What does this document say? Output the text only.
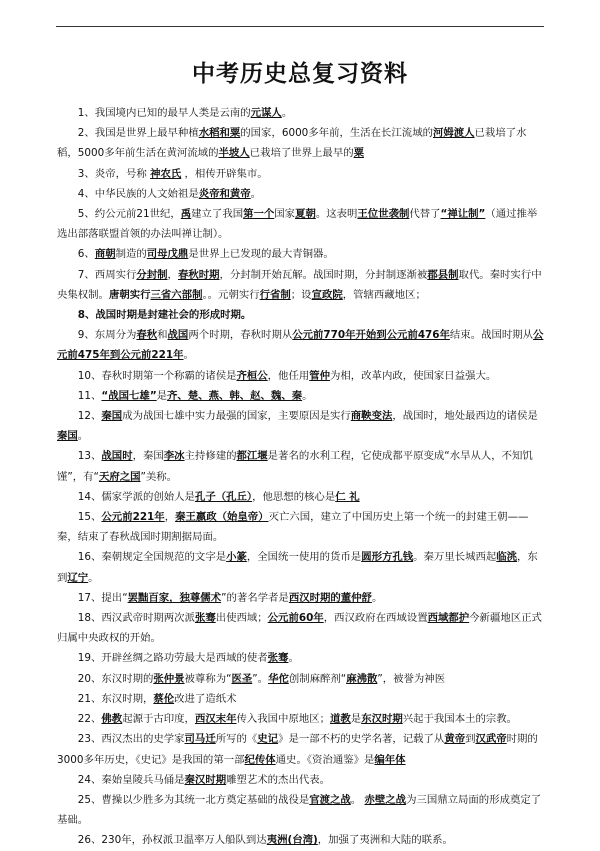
中考历史总复习资料

1、我国境内已知的最早人类是云南的元谋人。

2、我国是世界上最早种植水稻和粟的国家，6000多年前，生活在长江流域的河姆渡人已栽培了水稻，5000多年前生活在黄河流域的半坡人已栽培了世界上最早的粟

3、炎帝，号称 神农氏 ，相传开辟集市。

4、中华民族的人文始祖是炎帝和黄帝。

5、约公元前21世纪，禹建立了我国第一个国家夏朝。这表明王位世袭制代替了“禅让制”（通过推举选出部落联盟首领的办法叫禅让制）。

6、商朝制造的司母戊鼎是世界上已发现的最大青铜器。

7、西周实行分封制，春秋时期，分封制开始瓦解。战国时期，分封制逐渐被郡县制取代。秦时实行中央集权制。唐朝实行三省六部制。。元朝实行行省制；设宣政院，管辖西藏地区；

8、战国时期是封建社会的形成时期。

9、东周分为春秋和战国两个时期，春秋时期从公元前770年开始到公元前476年结束。战国时期从公元前475年到公元前221年。

10、春秋时期第一个称霸的诸侯是齐桓公，他任用管仲为相，改革内政，使国家日益强大。

11、“战国七雄”是齐、楚、燕、韩、赵、魏、秦。

12、秦国成为战国七雄中实力最强的国家，主要原因是实行商鞅变法，战国时，地处最西边的诸侯是秦国。

13、战国时，秦国李冰主持修建的都江堰是著名的水利工程，它使成都平原变成“水旱从人，不知饥馑”，有“天府之国”美称。

14、儒家学派的创始人是孔子（孔丘），他思想的核心是仁 礼

15、公元前221年，秦王嬴政（始皇帝）灭亡六国，建立了中国历史上第一个统一的封建王朝——秦，结束了春秋战国时期割据局面。

16、秦朝规定全国规范的文字是小篆，全国统一使用的货币是圆形方孔钱。秦万里长城西起临洮，东到辽宁。

17、提出“罢黜百家，独尊儒术”的著名学者是西汉时期的董仲舒。

18、西汉武帝时期两次派张骞出使西域；公元前60年，西汉政府在西域设置西域都护今新疆地区正式归属中央政权的开始。

19、开辟丝绸之路功劳最大是西域的使者张骞。

20、东汉时期的张仲景被尊称为“医圣”。华佗创制麻醉剂“麻沸散”，被誉为神医

21、东汉时期，蔡伦改进了造纸术

22、佛教起源于古印度，西汉末年传入我国中原地区；道教是东汉时期兴起于我国本土的宗教。

23、西汉杰出的史学家司马迁所写的《史记》是一部不朽的史学名著，记载了从黄帝到汉武帝时期的3000多年历史，《史记》是我国的第一部纪传体通史。《资治通鉴》是编年体

24、秦始皇陵兵马俑是秦汉时期雕塑艺术的杰出代表。

25、曹操以少胜多为其统一北方奠定基础的战役是官渡之战。 赤壁之战为三国鼎立局面的形成奠定了基础。

26、230年，孙权派卫温率万人船队到达夷洲(台湾)，加强了夷洲和大陆的联系。
